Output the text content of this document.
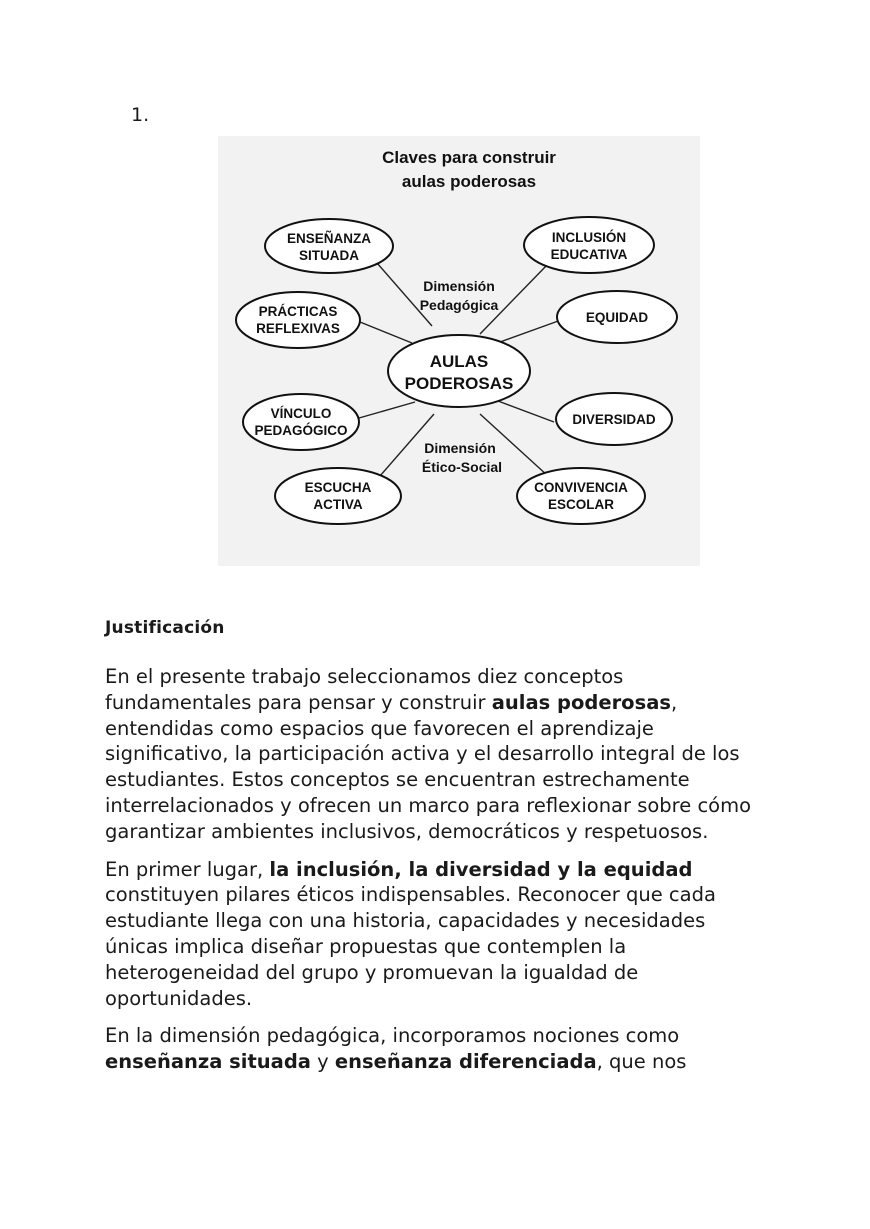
1.
Claves para construir
aulas poderosas
AULAS
PODEROSAS
Dimensión
Pedagógica
Dimensión
Ético-Social
ENSEÑANZA
SITUADA
INCLUSIÓN
EDUCATIVA
PRÁCTICAS
REFLEXIVAS
EQUIDAD
VÍNCULO
PEDAGÓGICO
DIVERSIDAD
ESCUCHA
ACTIVA
CONVIVENCIA
ESCOLAR
Justificación

En el presente trabajo seleccionamos diez conceptos fundamentales para pensar y construir aulas poderosas, entendidas como espacios que favorecen el aprendizaje significativo, la participación activa y el desarrollo integral de los estudiantes. Estos conceptos se encuentran estrechamente interrelacionados y ofrecen un marco para reflexionar sobre cómo garantizar ambientes inclusivos, democráticos y respetuosos.

En primer lugar, la inclusión, la diversidad y la equidad constituyen pilares éticos indispensables. Reconocer que cada estudiante llega con una historia, capacidades y necesidades únicas implica diseñar propuestas que contemplen la heterogeneidad del grupo y promuevan la igualdad de oportunidades.

En la dimensión pedagógica, incorporamos nociones como enseñanza situada y enseñanza diferenciada, que nos
